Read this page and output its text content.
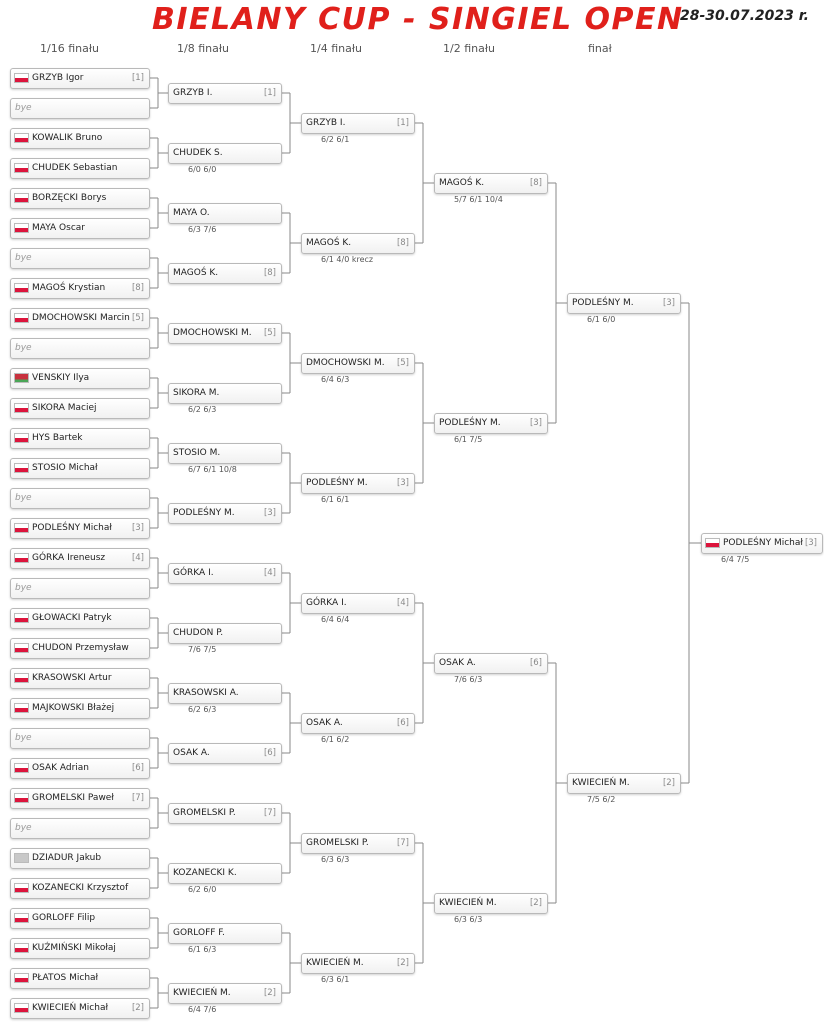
BIELANY CUP - SINGIEL OPEN
28-30.07.2023 r.
1/16 finału	1/8 finału	1/4 finału	1/2 finału	finał
GRZYB Igor	[1]
bye
KOWALIK Bruno
CHUDEK Sebastian
BORZĘCKI Borys
MAYA Oscar
bye
MAGOŚ Krystian	[8]
DMOCHOWSKI Marcin [5]
bye
VENSKIY Ilya
SIKORA Maciej
HYS Bartek
STOSIO Michał
bye
PODLEŚNY Michał	[3]
GÓRKA Ireneusz	[4]
bye
GŁOWACKI Patryk
CHUDON Przemysław
KRASOWSKI Artur
MAJKOWSKI Błażej
bye
OSAK Adrian	[6]
GROMELSKI Paweł	[7]
bye
DZIADUR Jakub
KOZANECKI Krzysztof
GORLOFF Filip
KUŹMIŃSKI Mikołaj
PŁATOS Michał
KWIECIEŃ Michał	[2]
GRZYB I.	[1]
CHUDEK S.
6/0 6/0
MAYA O.
6/3 7/6
MAGOŚ K.	[8]
DMOCHOWSKI M.	[5]
SIKORA M.
6/2 6/3
STOSIO M.
6/7 6/1 10/8
PODLEŚNY M.	[3]
GÓRKA I.	[4]
CHUDON P.
7/6 7/5
KRASOWSKI A.
6/2 6/3
OSAK A.	[6]
GROMELSKI P.	[7]
KOZANECKI K.
6/2 6/0
GORLOFF F.
6/1 6/3
KWIECIEŃ M.	[2]
6/4 7/6
GRZYB I.	[1]
6/2 6/1
MAGOŚ K.	[8]
6/1 4/0 krecz
DMOCHOWSKI M.	[5]
6/4 6/3
PODLEŚNY M.	[3]
6/1 6/1
GÓRKA I.	[4]
6/4 6/4
OSAK A.	[6]
6/1 6/2
GROMELSKI P.	[7]
6/3 6/3
KWIECIEŃ M.	[2]
6/3 6/1
MAGOŚ K.	[8]
5/7 6/1 10/4
PODLEŚNY M.	[3]
6/1 7/5
OSAK A.	[6]
7/6 6/3
KWIECIEŃ M.	[2]
6/3 6/3
PODLEŚNY M.	[3]
6/1 6/0
KWIECIEŃ M.	[2]
7/5 6/2
PODLEŚNY Michał [3]
6/4 7/5
